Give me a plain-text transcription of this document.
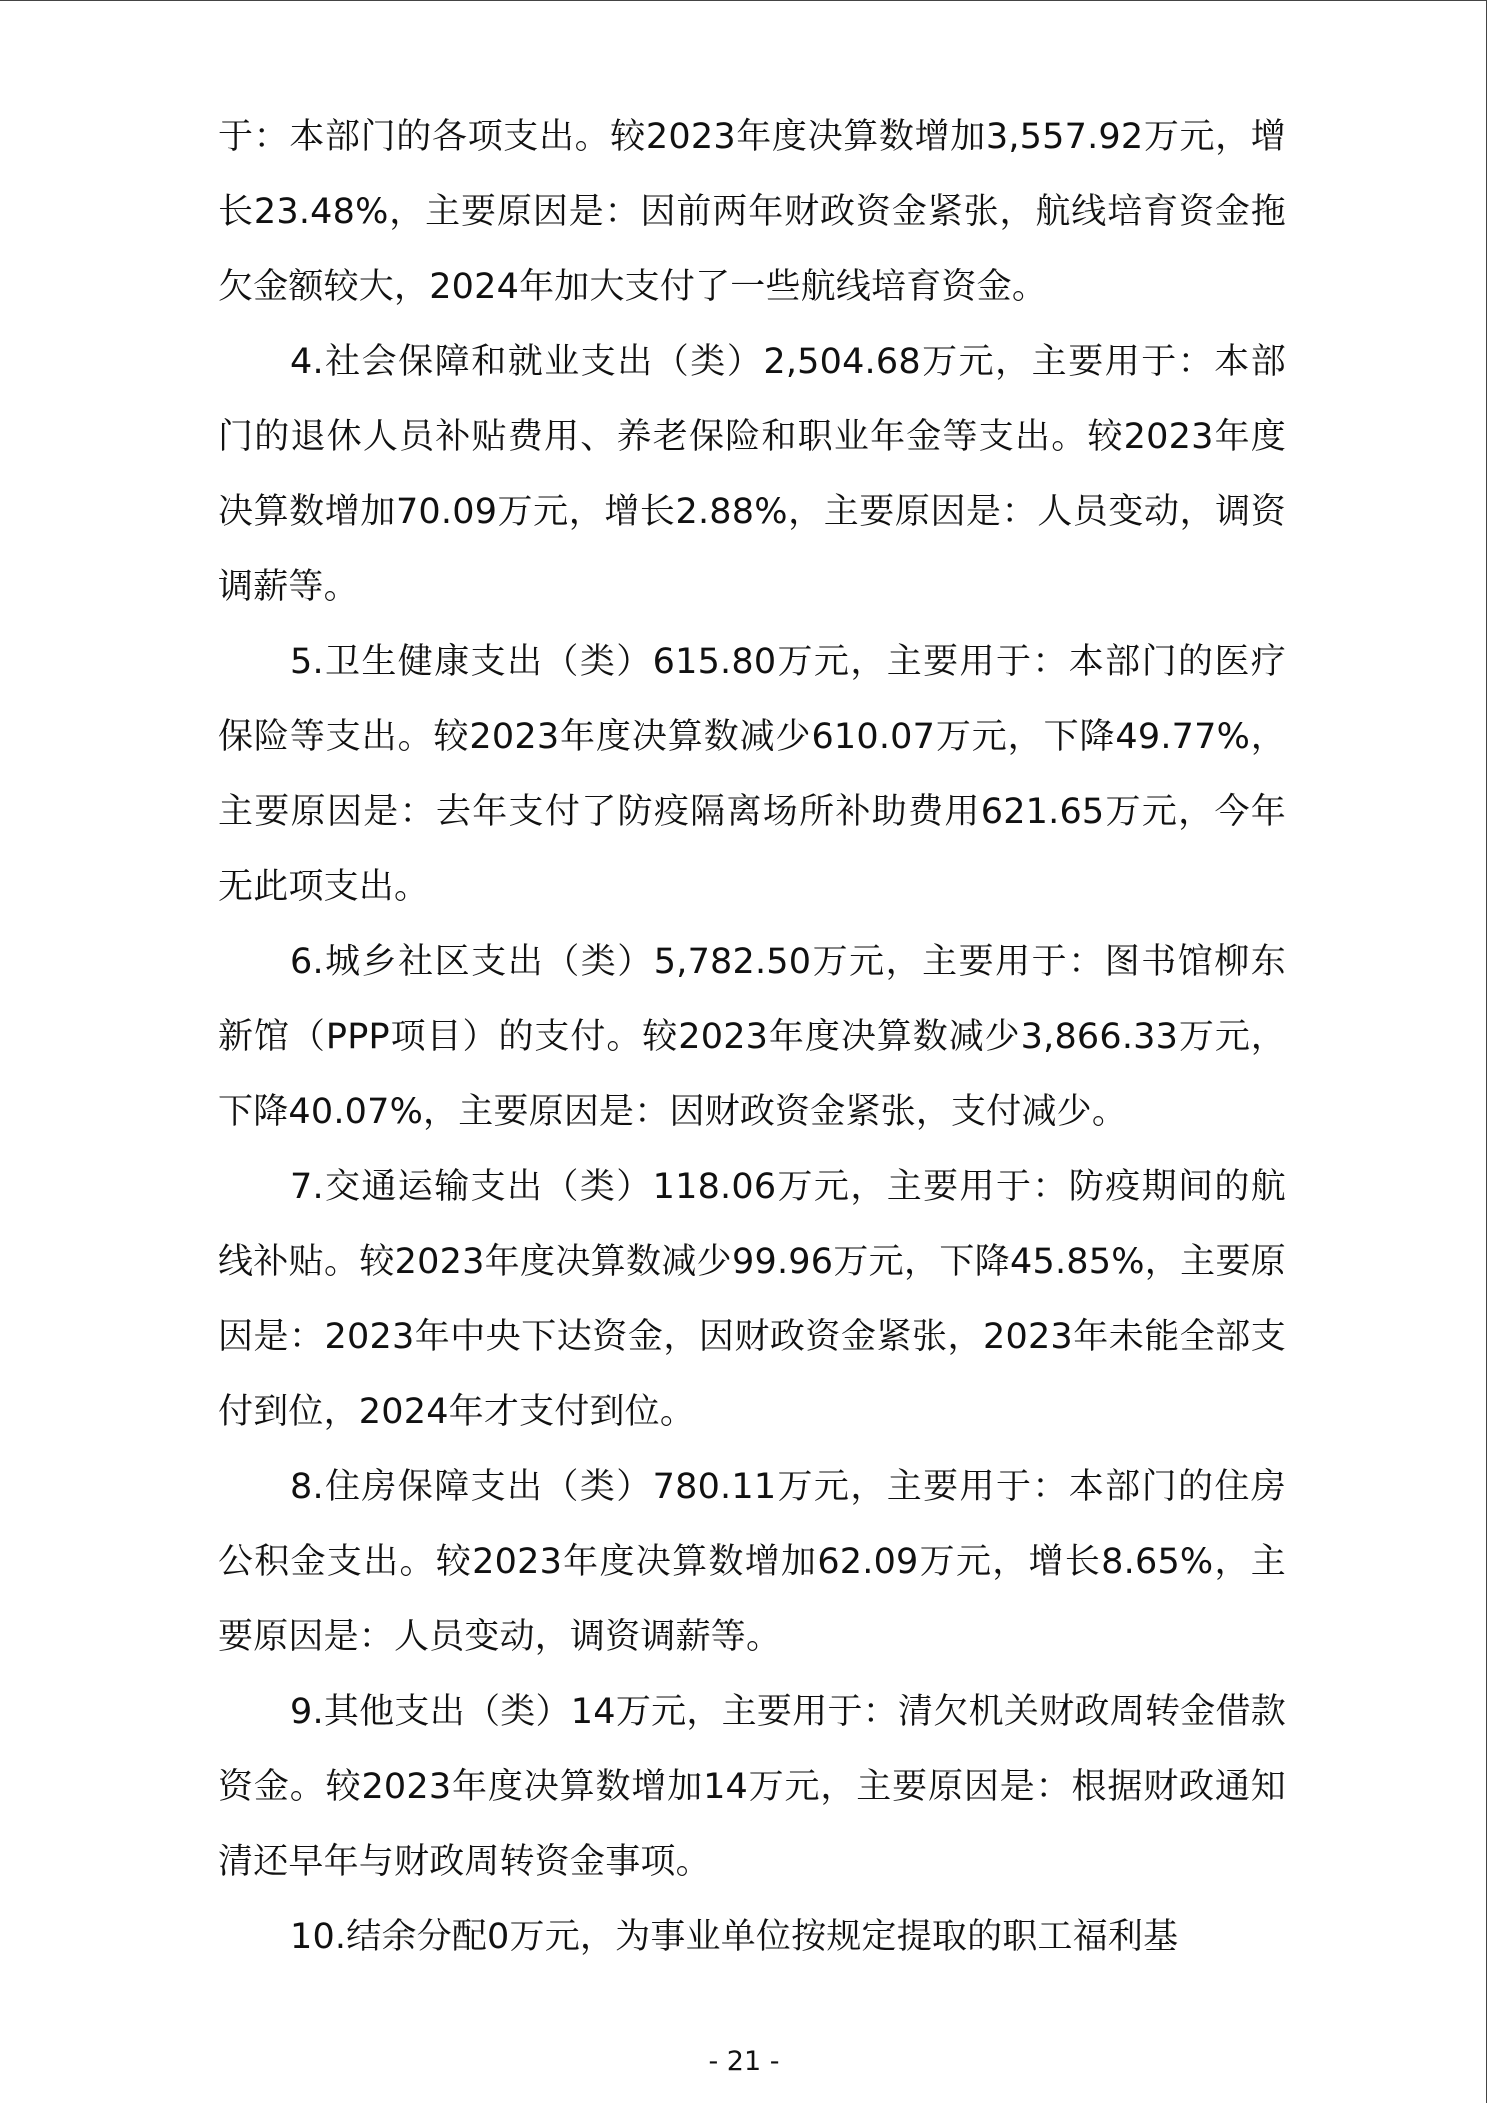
于：本部门的各项支出。较2023年度决算数增加3,557.92万元，增长23.48%，主要原因是：因前两年财政资金紧张，航线培育资金拖欠金额较大，2024年加大支付了一些航线培育资金。

4.社会保障和就业支出（类）2,504.68万元，主要用于：本部门的退休人员补贴费用、养老保险和职业年金等支出。较2023年度决算数增加70.09万元，增长2.88%，主要原因是：人员变动，调资调薪等。

5.卫生健康支出（类）615.80万元，主要用于：本部门的医疗保险等支出。较2023年度决算数减少610.07万元，下降49.77%，主要原因是：去年支付了防疫隔离场所补助费用621.65万元，今年无此项支出。

6.城乡社区支出（类）5,782.50万元，主要用于：图书馆柳东新馆（PPP项目）的支付。较2023年度决算数减少3,866.33万元，下降40.07%，主要原因是：因财政资金紧张，支付减少。

7.交通运输支出（类）118.06万元，主要用于：防疫期间的航线补贴。较2023年度决算数减少99.96万元，下降45.85%，主要原因是：2023年中央下达资金，因财政资金紧张，2023年未能全部支付到位，2024年才支付到位。

8.住房保障支出（类）780.11万元，主要用于：本部门的住房公积金支出。较2023年度决算数增加62.09万元，增长8.65%，主要原因是：人员变动，调资调薪等。

9.其他支出（类）14万元，主要用于：清欠机关财政周转金借款资金。较2023年度决算数增加14万元，主要原因是：根据财政通知清还早年与财政周转资金事项。

10.结余分配0万元，为事业单位按规定提取的职工福利基

- 21 -
